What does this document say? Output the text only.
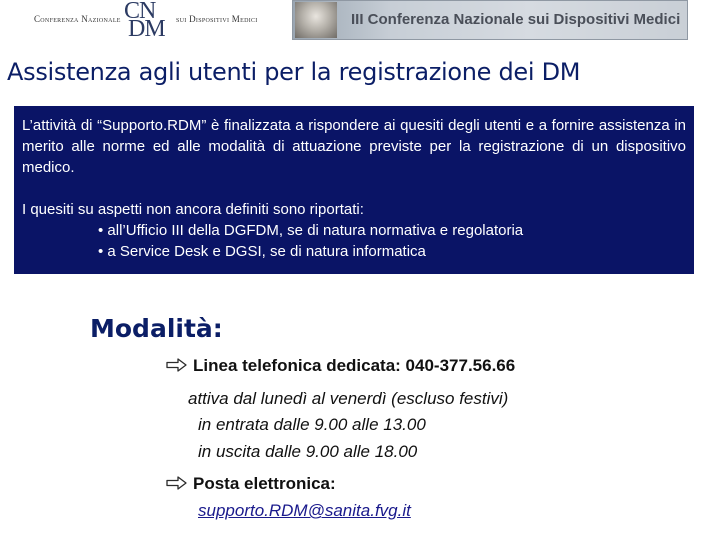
Conferenza Nazionale CN
DM sui Dispositivi Medici	III Conferenza Nazionale sui Dispositivi Medici
Assistenza agli utenti per la registrazione dei DM

L’attività di “Supporto.RDM” è finalizzata a rispondere ai quesiti degli utenti e a fornire assistenza in merito alle norme ed alle modalità di attuazione previste per la registrazione di un dispositivo medico.

I quesiti su aspetti non ancora definiti sono riportati:

• all’Ufficio III della DGFDM, se di natura normativa e regolatoria

• a Service Desk e DGSI, se di natura informatica

Modalità:
Linea telefonica dedicata: 040-377.56.66
attiva dal lunedì al venerdì (escluso festivi)
in entrata dalle 9.00 alle 13.00
in uscita dalle 9.00 alle 18.00
Posta elettronica:
supporto.RDM@sanita.fvg.it
